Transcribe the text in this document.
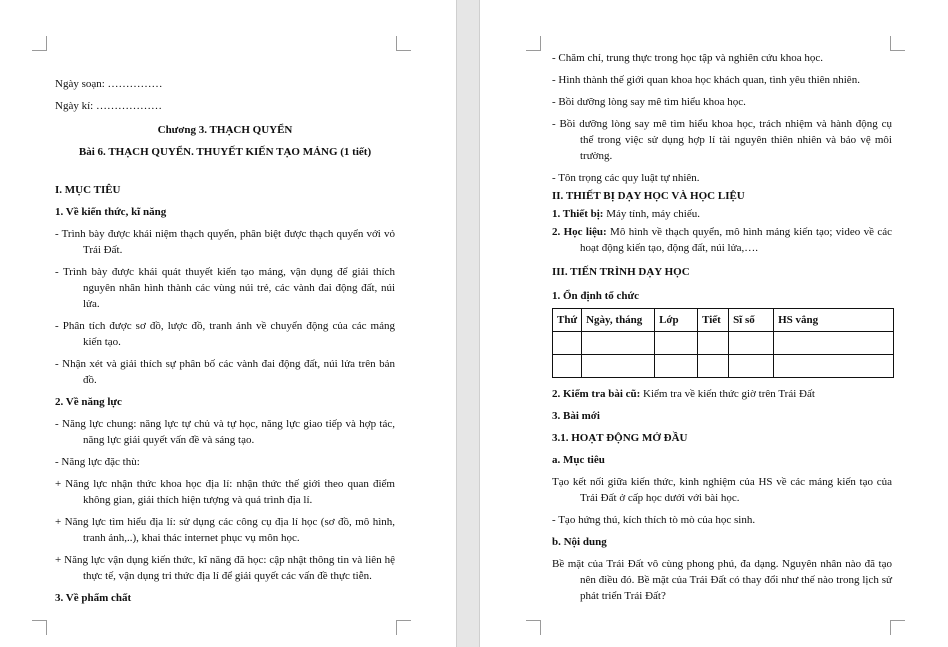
Ngày soạn: ……………

Ngày kí: ………………

Chương 3. THẠCH QUYỂN

Bài 6. THẠCH QUYỂN. THUYẾT KIẾN TẠO MẢNG (1 tiết)

I. MỤC TIÊU

1. Về kiến thức, kĩ năng

- Trình bày được khái niệm thạch quyển, phân biệt được thạch quyển với vỏ Trái Đất.

- Trình bày được khái quát thuyết kiến tạo mảng, vận dụng để giải thích nguyên nhân hình thành các vùng núi trẻ, các vành đai động đất, núi lửa.

- Phân tích được sơ đồ, lược đồ, tranh ảnh về chuyển động của các mảng kiến tạo.

- Nhận xét và giải thích sự phân bố các vành đai động đất, núi lửa trên bản đồ.

2. Về năng lực

- Năng lực chung: năng lực tự chủ và tự học, năng lực giao tiếp và hợp tác, năng lực giải quyết vấn đề và sáng tạo.

- Năng lực đặc thù:

+ Năng lực nhận thức khoa học địa lí: nhận thức thế giới theo quan điểm không gian, giải thích hiện tượng và quá trình địa lí.

+ Năng lực tìm hiểu địa lí: sử dụng các công cụ địa lí học (sơ đồ, mô hình, tranh ảnh,..), khai thác internet phục vụ môn học.

+ Năng lực vận dụng kiến thức, kĩ năng đã học: cập nhật thông tin và liên hệ thực tế, vận dụng tri thức địa lí để giải quyết các vấn đề thực tiễn.

3. Về phẩm chất

- Chăm chỉ, trung thực trong học tập và nghiên cứu khoa học.

- Hình thành thế giới quan khoa học khách quan, tình yêu thiên nhiên.

- Bồi dưỡng lòng say mê tìm hiểu khoa học.

- Bồi dưỡng lòng say mê tìm hiểu khoa học, trách nhiệm và hành động cụ thể trong việc sử dụng hợp lí tài nguyên thiên nhiên và bảo vệ môi trường.

- Tôn trọng các quy luật tự nhiên.

II. THIẾT BỊ DẠY HỌC VÀ HỌC LIỆU

1. Thiết bị: Máy tính, máy chiếu.

2. Học liệu: Mô hình về thạch quyển, mô hình mảng kiến tạo; video về các hoạt động kiến tạo, động đất, núi lửa,….

III. TIẾN TRÌNH DẠY HỌC

1. Ổn định tổ chức

Thứ	Ngày, tháng	Lớp	Tiết	Sĩ số	HS vắng

2. Kiểm tra bài cũ: Kiểm tra về kiến thức giờ trên Trái Đất

3. Bài mới

3.1. HOẠT ĐỘNG MỞ ĐẦU

a. Mục tiêu

Tạo kết nối giữa kiến thức, kinh nghiệm của HS về các mảng kiến tạo của Trái Đất ở cấp học dưới với bài học.

- Tạo hứng thú, kích thích tò mò của học sinh.

b. Nội dung

Bề mặt của Trái Đất vô cùng phong phú, đa dạng. Nguyên nhân nào đã tạo nên điều đó. Bề mặt của Trái Đất có thay đổi như thế nào trong lịch sử phát triển Trái Đất?
